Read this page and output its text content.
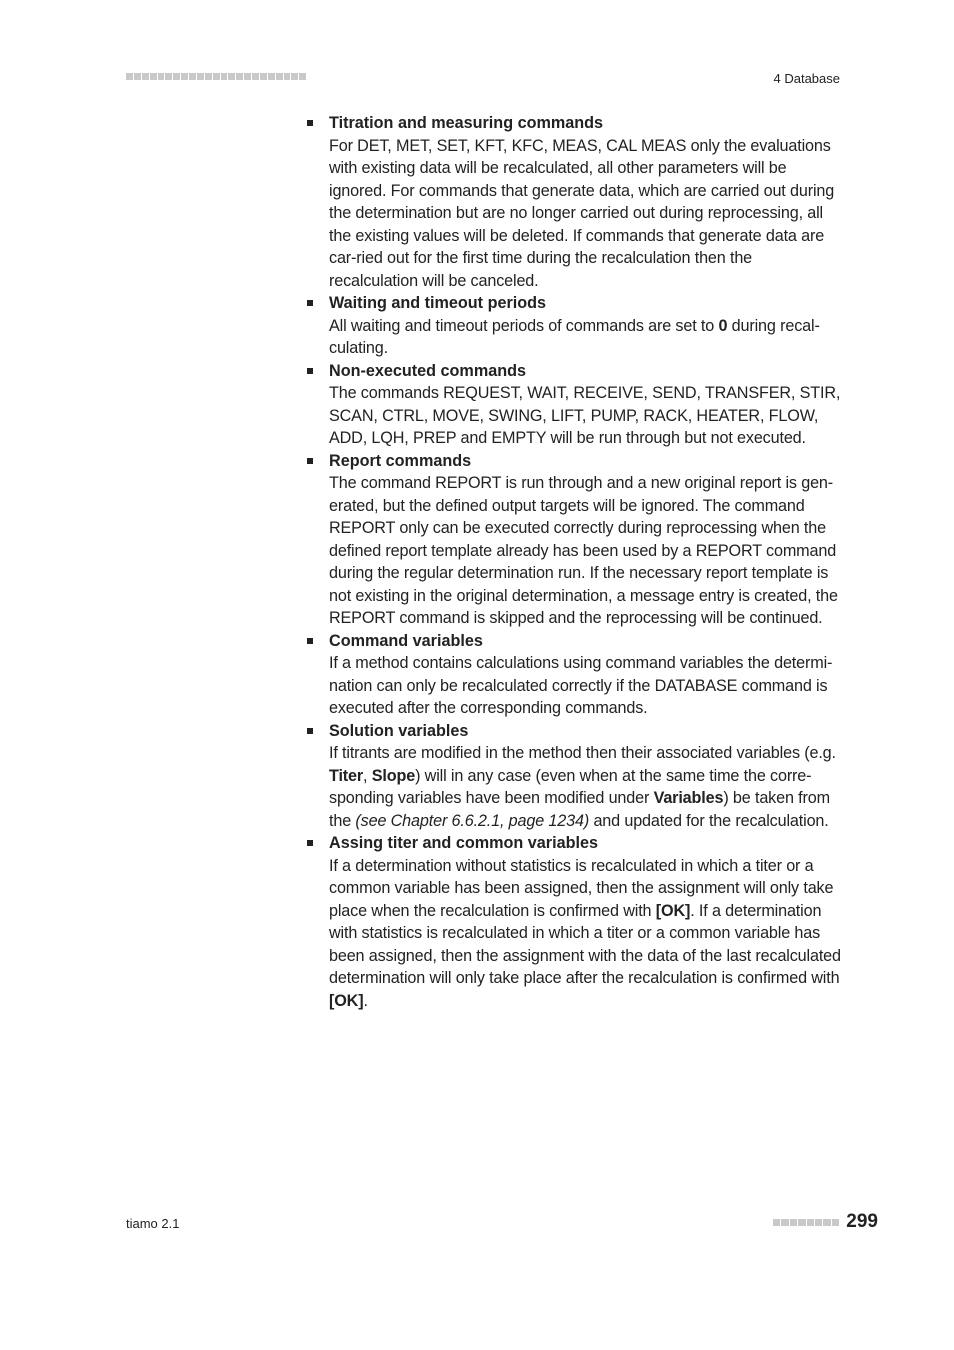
4 Database
Titration and measuring commands
For DET, MET, SET, KFT, KFC, MEAS, CAL MEAS only the evaluations with existing data will be recalculated, all other parameters will be ignored. For commands that generate data, which are carried out during the determination but are no longer carried out during reprocessing, all the existing values will be deleted. If commands that generate data are car-ried out for the first time during the recalculation then the recalculation will be canceled.
Waiting and timeout periods
All waiting and timeout periods of commands are set to 0 during recal-culating.
Non-executed commands
The commands REQUEST, WAIT, RECEIVE, SEND, TRANSFER, STIR, SCAN, CTRL, MOVE, SWING, LIFT, PUMP, RACK, HEATER, FLOW, ADD, LQH, PREP and EMPTY will be run through but not executed.
Report commands
The command REPORT is run through and a new original report is gen-erated, but the defined output targets will be ignored. The command REPORT only can be executed correctly during reprocessing when the defined report template already has been used by a REPORT command during the regular determination run. If the necessary report template is not existing in the original determination, a message entry is created, the REPORT command is skipped and the reprocessing will be continued.
Command variables
If a method contains calculations using command variables the determi-nation can only be recalculated correctly if the DATABASE command is executed after the corresponding commands.
Solution variables
If titrants are modified in the method then their associated variables (e.g. Titer, Slope) will in any case (even when at the same time the corre-sponding variables have been modified under Variables) be taken from the (see Chapter 6.6.2.1, page 1234) and updated for the recalculation.
Assing titer and common variables
If a determination without statistics is recalculated in which a titer or a common variable has been assigned, then the assignment will only take place when the recalculation is confirmed with [OK]. If a determination with statistics is recalculated in which a titer or a common variable has been assigned, then the assignment with the data of the last recalculated determination will only take place after the recalculation is confirmed with [OK].
tiamo 2.1	299
